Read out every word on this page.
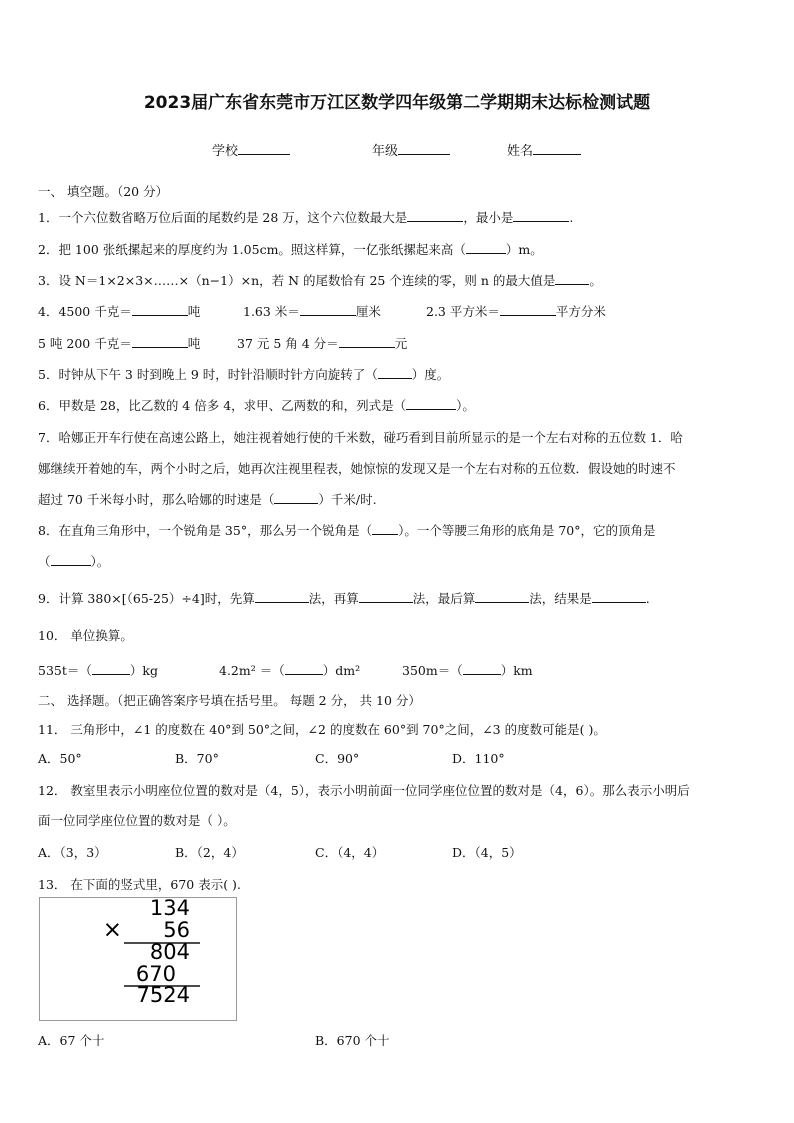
2023届广东省东莞市万江区数学四年级第二学期期末达标检测试题
学校	年级	姓名
一、 填空题。（20 分）
1．一个六位数省略万位后面的尾数约是 28 万，这个六位数最大是	，最小是	.
2．把 100 张纸摞起来的厚度约为 1.05cm。照这样算，一亿张纸摞起来高（	）m。
3．设 N＝1×2×3×……×（n−1）×n，若 N 的尾数恰有 25 个连续的零，则 n 的最大值是	。
4．4500 千克＝	吨	1.63 米＝	厘米	2.3 平方米＝	平方分米
5 吨 200 千克＝	吨	37 元 5 角 4 分＝	元
5．时钟从下午 3 时到晚上 9 时，时针沿顺时针方向旋转了（	）度。
6．甲数是 28，比乙数的 4 倍多 4，求甲、乙两数的和，列式是（	）。
7．哈娜正开车行使在高速公路上，她注视着她行使的千米数，碰巧看到目前所显示的是一个左右对称的五位数 1．哈
娜继续开着她的车，两个小时之后，她再次注视里程表，她惊惊的发现又是一个左右对称的五位数．假设她的时速不
超过 70 千米每小时，那么哈娜的时速是（	）千米/时.
8．在直角三角形中，一个锐角是 35°，那么另一个锐角是（ ）。一个等腰三角形的底角是 70°，它的顶角是
（	）。
9．计算 380×[（65-25）÷4]时，先算	法，再算	法，最后算	法，结果是	.
10． 单位换算。
535t＝（	）kg	4.2m² ＝（	）dm²	350m＝（	）km
二、 选择题。（把正确答案序号填在括号里。 每题 2 分， 共 10 分）
11． 三角形中，∠1 的度数在 40°到 50°之间，∠2 的度数在 60°到 70°之间，∠3 的度数可能是( )。
A．50°	B．70°	C．90°	D．110°
12． 教室里表示小明座位位置的数对是（4，5），表示小明前面一位同学座位位置的数对是（4，6）。那么表示小明后
面一位同学座位位置的数对是（ ）。
A．（3，3）	B．（2，4）	C．（4，4）	D．（4，5）
13． 在下面的竖式里，670 表示( ).
134
× 56
804
670
7524
A．67 个十	B．670 个十
